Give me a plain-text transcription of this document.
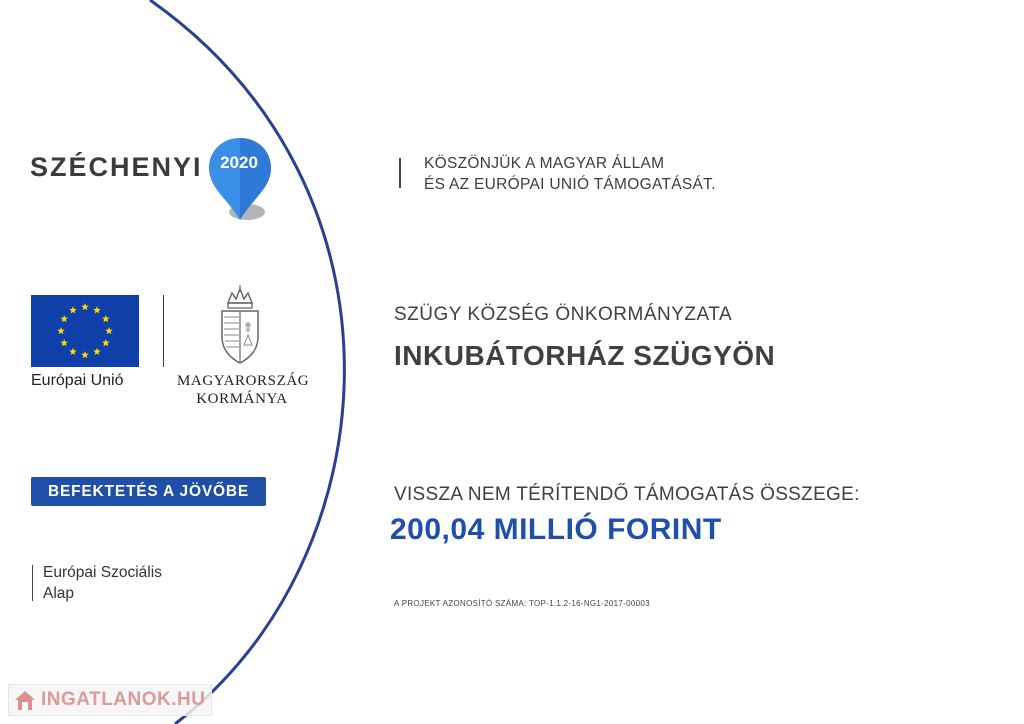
SZÉCHENYI	2020	KÖSZÖNJÜK A MAGYAR ÁLLAM
ÉS AZ EURÓPAI UNIÓ TÁMOGATÁSÁT.
Európai Unió	MAGYARORSZÁG
KORMÁNYA
SZÜGY KÖZSÉG ÖNKORMÁNYZATA
INKUBÁTORHÁZ SZÜGYÖN
BEFEKTETÉS A JÖVŐBE	VISSZA NEM TÉRÍTENDŐ TÁMOGATÁS ÖSSZEGE:
200,04 MILLIÓ FORINT
A PROJEKT AZONOSÍTÓ SZÁMA: TOP-1.1.2-16-NG1-2017-00003
Európai Szociális
Alap
INGATLANOK.HU
